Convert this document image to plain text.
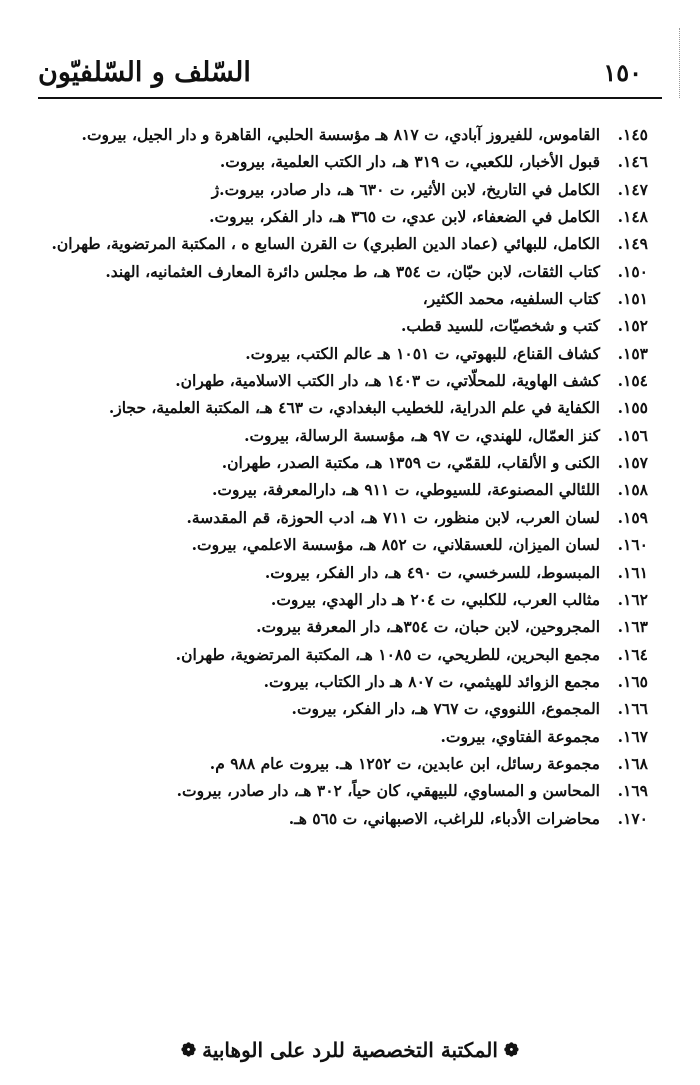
السّلف و السّلفيّون	١٥٠
١٤٥.
القاموس، للفيروز آبادي، ت ٨١٧ هـ مؤسسة الحلبي، القاهرة و دار الجيل، بيروت.
١٤٦.
قبول الأخبار، للكعبي، ت ٣١٩ هـ، دار الكتب العلمية، بيروت.
١٤٧.
الكامل في التاريخ، لابن الأثير، ت ٦٣٠ هـ، دار صادر، بيروت.ژ
١٤٨.
الكامل في الضعفاء، لابن عدي، ت ٣٦٥ هـ، دار الفكر، بيروت.
١٤٩.
الكامل، للبهائي (عماد الدين الطبري) ت القرن السابع ه ، المكتبة المرتضوية، طهران.
١٥٠.
كتاب الثقات، لابن حبّان، ت ٣٥٤ هـ، ط مجلس دائرة المعارف العثمانيه، الهند.
١٥١.
كتاب السلفيه، محمد الكثير،
١٥٢.
كتب و شخصيّات، للسيد قطب.
١٥٣.
كشاف القناع، للبهوتي، ت ١٠٥١ هـ عالم الكتب، بيروت.
١٥٤.
كشف الهاوية، للمحلّاتي، ت ١٤٠٣ هـ، دار الكتب الاسلامية، طهران.
١٥٥.
الكفاية في علم الدراية، للخطيب البغدادي، ت ٤٦٣ هـ، المكتبة العلمية، حجاز.
١٥٦.
كنز العمّال، للهندي، ت ٩٧ هـ، مؤسسة الرسالة، بيروت.
١٥٧.
الكنى و الألقاب، للقمّي، ت ١٣٥٩ هـ، مكتبة الصدر، طهران.
١٥٨.
اللئالي المصنوعة، للسيوطي، ت ٩١١ هـ، دارالمعرفة، بيروت.
١٥٩.
لسان العرب، لابن منظور، ت ٧١١ هـ، ادب الحوزة، قم المقدسة.
١٦٠.
لسان الميزان، للعسقلاني، ت ٨٥٢ هـ، مؤسسة الاعلمي، بيروت.
١٦١.
المبسوط، للسرخسي، ت ٤٩٠ هـ، دار الفكر، بيروت.
١٦٢.
مثالب العرب، للكلبي، ت ٢٠٤ هـ دار الهدي، بيروت.
١٦٣.
المجروحين، لابن حبان، ت ٣٥٤هـ، دار المعرفة بيروت.
١٦٤.
مجمع البحرين، للطريحي، ت ١٠٨٥ هـ، المكتبة المرتضوية، طهران.
١٦٥.
مجمع الزوائد للهيثمي، ت ٨٠٧ هـ دار الكتاب، بيروت.
١٦٦.
المجموع، اللنووي، ت ٧٦٧ هـ، دار الفكر، بيروت.
١٦٧.
مجموعة الفتاوي، بيروت.
١٦٨.
مجموعة رسائل، ابن عابدين، ت ١٢٥٢ هـ. بيروت عام ٩٨٨ م.
١٦٩.
المحاسن و المساوي، للبيهقي، كان حياً، ٣٠٢ هـ، دار صادر، بيروت.
١٧٠.
محاضرات الأدباء، للراغب، الاصبهاني، ت ٥٦٥ هـ.
❁
المكتبة التخصصية للرد على الوهابية
❁
